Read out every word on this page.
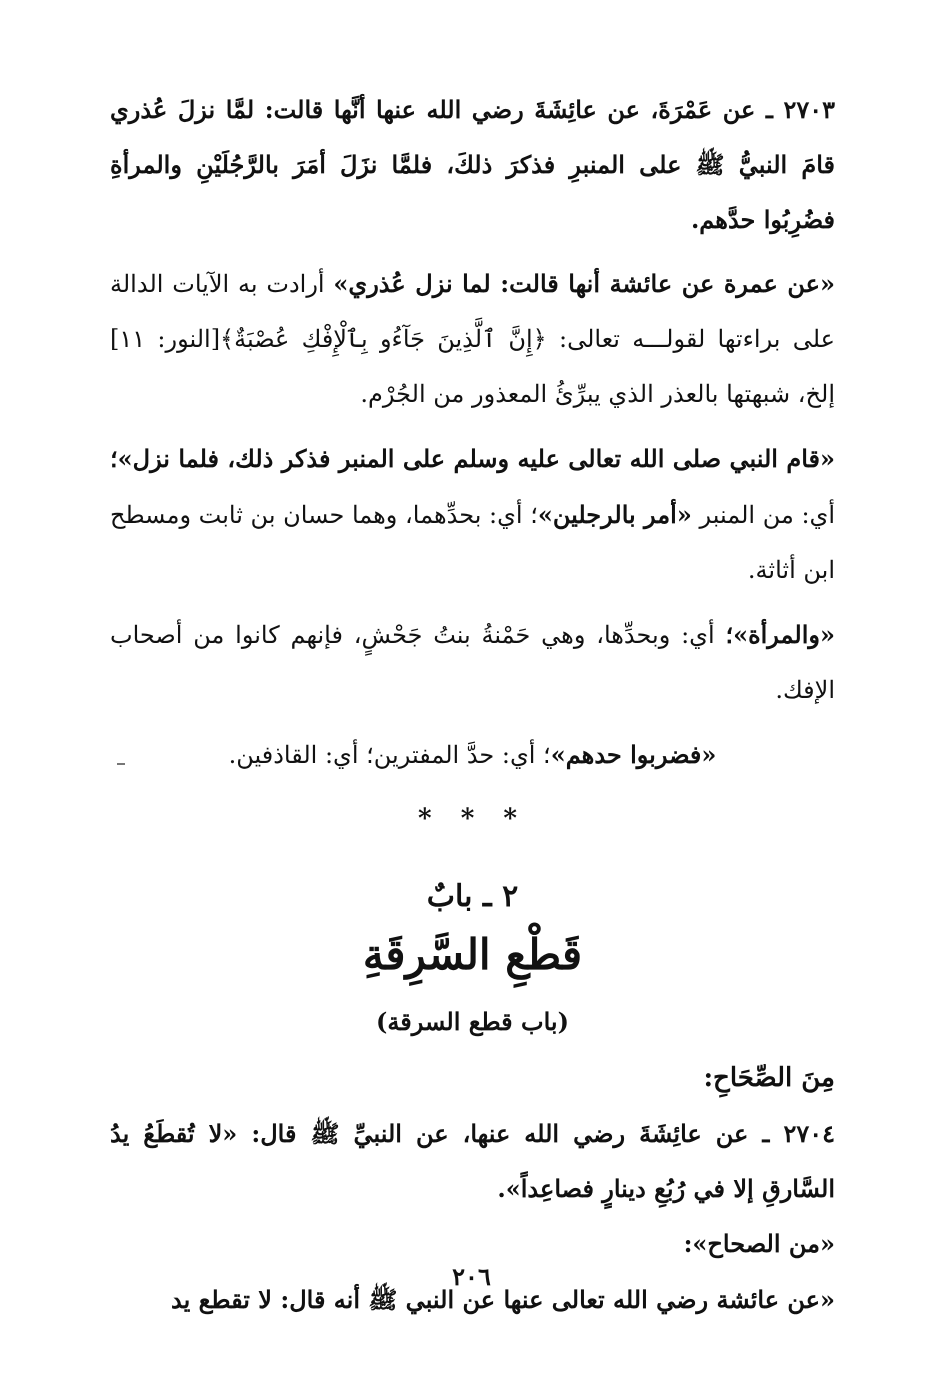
٢٧٠٣ ـ عن عَمْرَةَ، عن عائِشَةَ رضي الله عنها أنَّها قالت: لمَّا نزلَ عُذري قامَ النبيُّ ﷺ على المنبرِ فذكرَ ذلكَ، فلمَّا نزَلَ أمَرَ بالرَّجُلَيْنِ والمرأةِ فضُرِبُوا حدَّهم.

«عن عمرة عن عائشة أنها قالت: لما نزل عُذري» أرادت به الآيات الدالة على براءتها لقولـــه تعالى: ﴿إِنَّ ٱلَّذِينَ جَآءُو بِٱلْإِفْكِ عُصْبَةٌ﴾[النور: ١١] إلخ، شبهتها بالعذر الذي يبرِّئُ المعذور من الجُرْم.

«قام النبي صلى الله تعالى عليه وسلم على المنبر فذكر ذلك، فلما نزل»؛ أي: من المنبر «أمر بالرجلين»؛ أي: بحدِّهما، وهما حسان بن ثابت ومسطح ابن أثاثة.

«والمرأة»؛ أي: وبحدِّها، وهي حَمْنةُ بنتُ جَحْشٍ، فإنهم كانوا من أصحاب الإفك.

«فضربوا حدهم»؛ أي: حدَّ المفترين؛ أي: القاذفين.

* * *
٢ ـ بابٌ
قَطْعِ السَّرِقَةِ
(باب قطع السرقة)
مِنَ الصِّحَاحِ:

٢٧٠٤ ـ عن عائِشَةَ رضي الله عنها، عن النبيِّ ﷺ قال: «لا تُقطَعُ يدُ السَّارقِ إلا في رُبُعِ دينارٍ فصاعِداً».

«من الصحاح»:

«عن عائشة رضي الله تعالى عنها عن النبي ﷺ أنه قال: لا تقطع يد

٢٠٦
